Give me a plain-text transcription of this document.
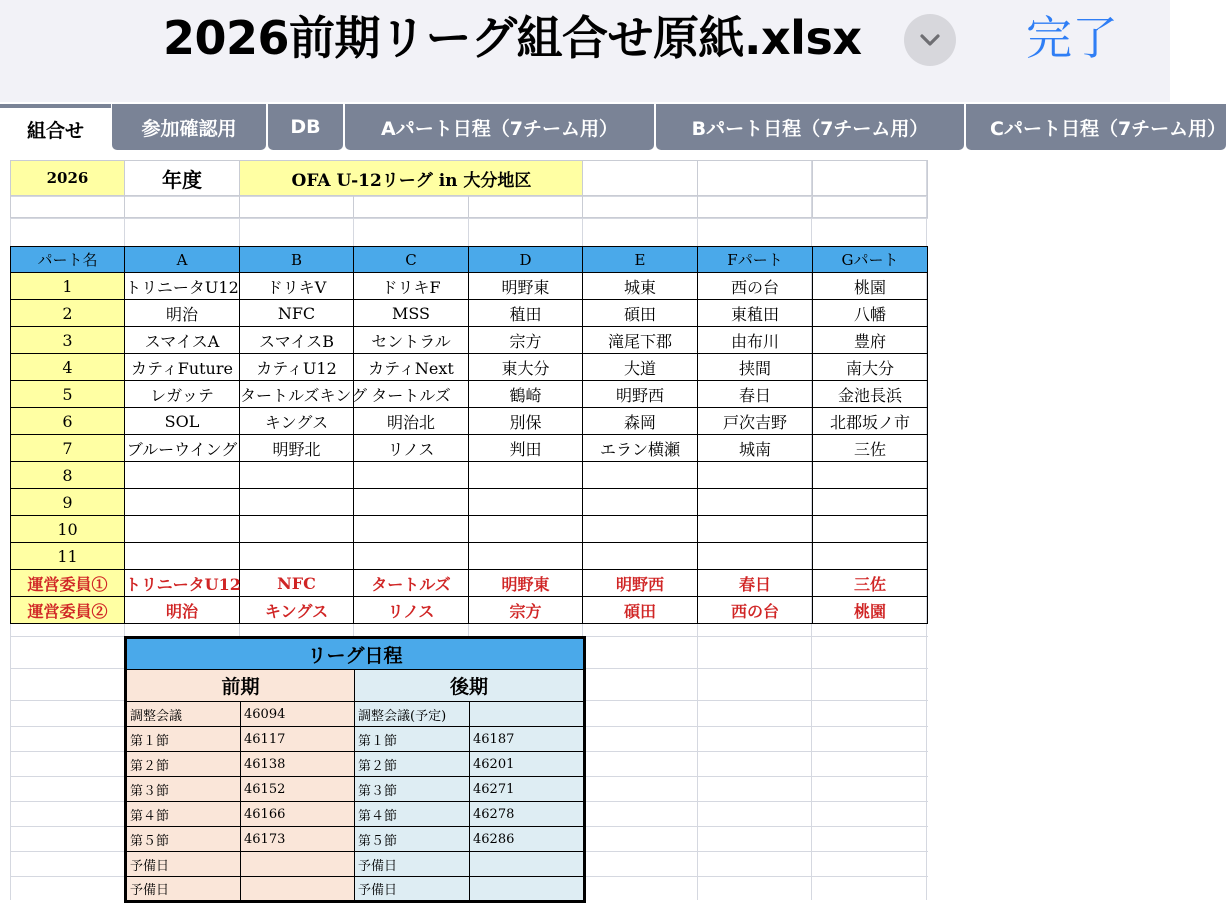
2026前期リーグ組合せ原紙.xlsx	完了
組合せ	参加確認用	DB	Aパート日程（7チーム用）	Bパート日程（7チーム用）	Cパート日程（7チーム用）
2026	年度	OFA U-12リーグ in 大分地区					

パート名	A	B	C	D	E	Fパート	Gパート
1	トリニータU12	ドリキV	ドリキF	明野東	城東	西の台	桃園
2	明治	NFC	MSS	稙田	碩田	東稙田	八幡
3	スマイスA	スマイスB	セントラル	宗方	滝尾下郡	由布川	豊府
4	カティFuture	カティU12	カティNext	東大分	大道	挟間	南大分
5	レガッテ	タートルズキング	タートルズ	鶴崎	明野西	春日	金池長浜
6	SOL	キングス	明治北	別保	森岡	戸次吉野	北郡坂ノ市
7	ブルーウイング	明野北	リノス	判田	エラン横瀬	城南	三佐
8							
9							
10							
11							
運営委員①	トリニータU12	NFC	タートルズ	明野東	明野西	春日	三佐
運営委員②	明治	キングス	リノス	宗方	碩田	西の台	桃園
リーグ日程			
前期		後期	
調整会議	46094	調整会議(予定)	
第１節	46117	第１節	46187
第２節	46138	第２節	46201
第３節	46152	第３節	46271
第４節	46166	第４節	46278
第５節	46173	第５節	46286
予備日		予備日	
予備日		予備日	
